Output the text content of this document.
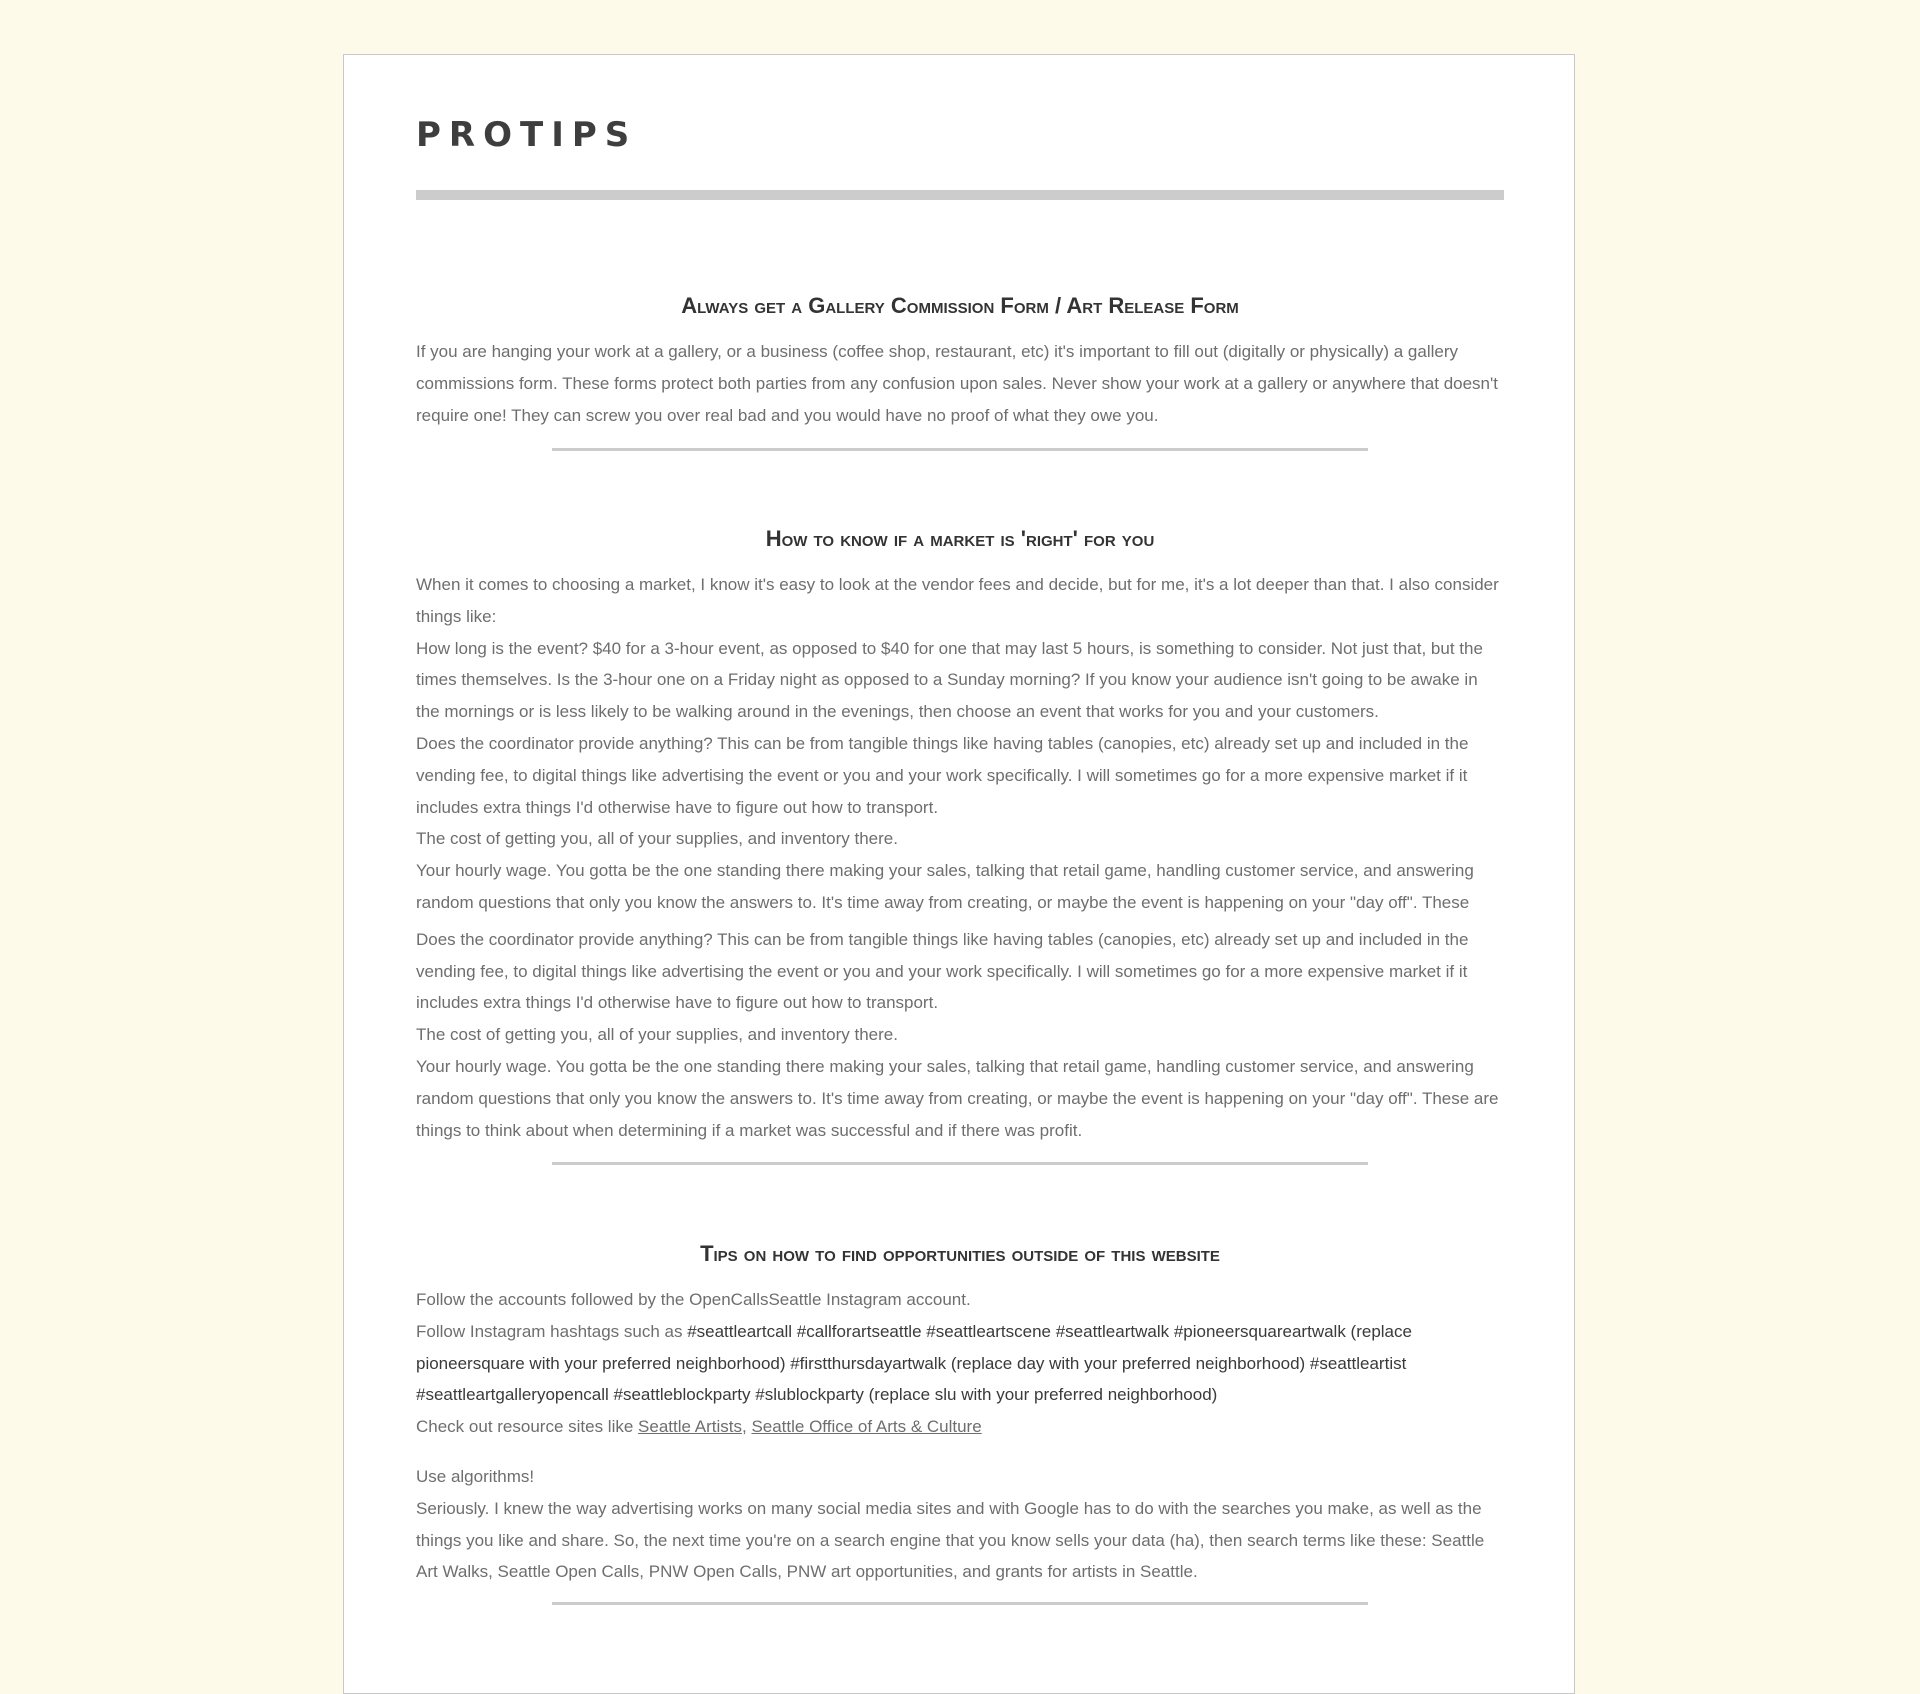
PROTIPS
Always get a Gallery Commission Form / Art Release Form

If you are hanging your work at a gallery, or a business (coffee shop, restaurant, etc) it's important to fill out (digitally or physically) a gallery commissions form. These forms protect both parties from any confusion upon sales. Never show your work at a gallery or anywhere that doesn't require one! They can screw you over real bad and you would have no proof of what they owe you.

How to know if a market is 'right' for you

When it comes to choosing a market, I know it's easy to look at the vendor fees and decide, but for me, it's a lot deeper than that. I also consider things like:

How long is the event? $40 for a 3-hour event, as opposed to $40 for one that may last 5 hours, is something to consider. Not just that, but the times themselves. Is the 3-hour one on a Friday night as opposed to a Sunday morning? If you know your audience isn't going to be awake in the mornings or is less likely to be walking around in the evenings, then choose an event that works for you and your customers.

Does the coordinator provide anything? This can be from tangible things like having tables (canopies, etc) already set up and included in the vending fee, to digital things like advertising the event or you and your work specifically. I will sometimes go for a more expensive market if it includes extra things I'd otherwise have to figure out how to transport.

The cost of getting you, all of your supplies, and inventory there.

Your hourly wage. You gotta be the one standing there making your sales, talking that retail game, handling customer service, and answering random questions that only you know the answers to. It's time away from creating, or maybe the event is happening on your "day off". These

Does the coordinator provide anything? This can be from tangible things like having tables (canopies, etc) already set up and included in the vending fee, to digital things like advertising the event or you and your work specifically. I will sometimes go for a more expensive market if it includes extra things I'd otherwise have to figure out how to transport.

The cost of getting you, all of your supplies, and inventory there.

Your hourly wage. You gotta be the one standing there making your sales, talking that retail game, handling customer service, and answering random questions that only you know the answers to. It's time away from creating, or maybe the event is happening on your "day off". These are things to think about when determining if a market was successful and if there was profit.

Tips on how to find opportunities outside of this website

Follow the accounts followed by the OpenCallsSeattle Instagram account.

Follow Instagram hashtags such as #seattleartcall #callforartseattle #seattleartscene #seattleartwalk #pioneersquareartwalk (replace pioneersquare with your preferred neighborhood) #firstthursdayartwalk (replace day with your preferred neighborhood) #seattleartist #seattleartgalleryopencall #seattleblockparty #slublockparty (replace slu with your preferred neighborhood)

Check out resource sites like Seattle Artists, Seattle Office of Arts & Culture

Use algorithms!

Seriously. I knew the way advertising works on many social media sites and with Google has to do with the searches you make, as well as the things you like and share. So, the next time you're on a search engine that you know sells your data (ha), then search terms like these: Seattle Art Walks, Seattle Open Calls, PNW Open Calls, PNW art opportunities, and grants for artists in Seattle.
